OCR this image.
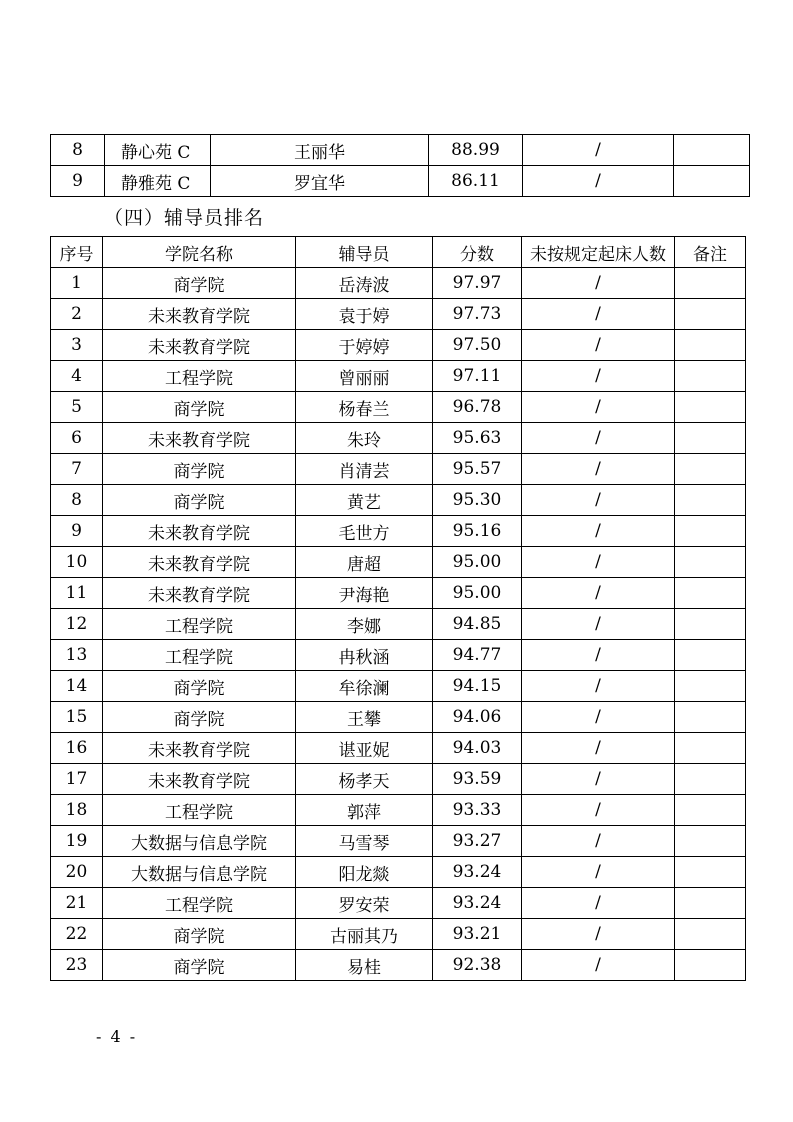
8	静心苑 C	王丽华	88.99	/	
9	静雅苑 C	罗宜华	86.11	/	
（四）辅导员排名
序号	学院名称	辅导员	分数	未按规定起床人数	备注
1	商学院	岳涛波	97.97	/	
2	未来教育学院	袁于婷	97.73	/	
3	未来教育学院	于婷婷	97.50	/	
4	工程学院	曾丽丽	97.11	/	
5	商学院	杨春兰	96.78	/	
6	未来教育学院	朱玲	95.63	/	
7	商学院	肖清芸	95.57	/	
8	商学院	黄艺	95.30	/	
9	未来教育学院	毛世方	95.16	/	
10	未来教育学院	唐超	95.00	/	
11	未来教育学院	尹海艳	95.00	/	
12	工程学院	李娜	94.85	/	
13	工程学院	冉秋涵	94.77	/	
14	商学院	牟徐澜	94.15	/	
15	商学院	王攀	94.06	/	
16	未来教育学院	谌亚妮	94.03	/	
17	未来教育学院	杨孝天	93.59	/	
18	工程学院	郭萍	93.33	/	
19	大数据与信息学院	马雪琴	93.27	/	
20	大数据与信息学院	阳龙燚	93.24	/	
21	工程学院	罗安荣	93.24	/	
22	商学院	古丽其乃	93.21	/	
23	商学院	易桂	92.38	/	
- 4 -
